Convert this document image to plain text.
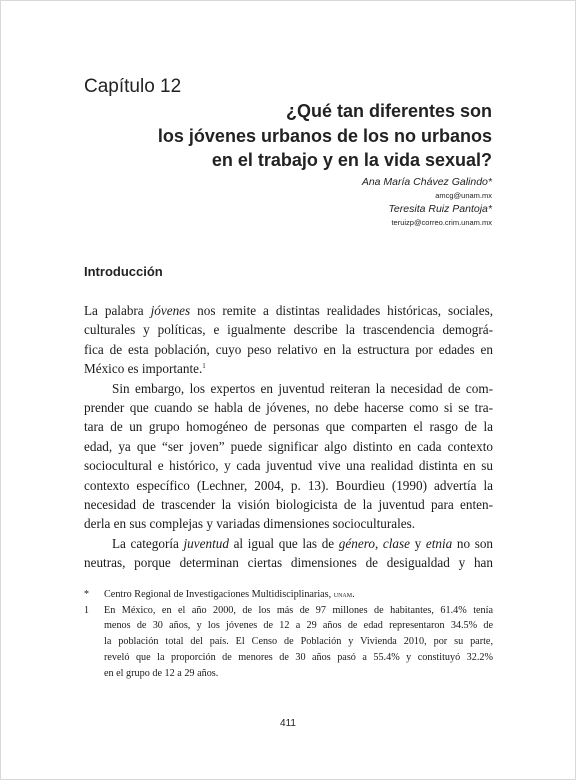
Capítulo 12
¿Qué tan diferentes son
los jóvenes urbanos de los no urbanos
en el trabajo y en la vida sexual?
Ana María Chávez Galindo*
amcg@unam.mx
Teresita Ruiz Pantoja*
teruizp@correo.crim.unam.mx
Introducción
La palabra jóvenes nos remite a distintas realidades históricas, sociales,
culturales y políticas, e igualmente describe la trascendencia demográ-
fica de esta población, cuyo peso relativo en la estructura por edades en
México es importante.$^1$
Sin embargo, los expertos en juventud reiteran la necesidad de com-
prender que cuando se habla de jóvenes, no debe hacerse como si se tra-
tara de un grupo homogéneo de personas que comparten el rasgo de la
edad, ya que “ser joven” puede significar algo distinto en cada contexto
sociocultural e histórico, y cada juventud vive una realidad distinta en su
contexto específico (Lechner, 2004, p. 13). Bourdieu (1990) advertía la
necesidad de trascender la visión biologicista de la juventud para enten-
derla en sus complejas y variadas dimensiones socioculturales.
La categoría juventud al igual que las de género, clase y etnia no son
neutras, porque determinan ciertas dimensiones de desigualdad y han
* Centro Regional de Investigaciones Multidisciplinarias, unam.
1 En México, en el año 2000, de los más de 97 millones de habitantes, 61.4% tenía
menos de 30 años, y los jóvenes de 12 a 29 años de edad representaron 34.5% de
la población total del país. El Censo de Población y Vivienda 2010, por su parte,
reveló que la proporción de menores de 30 años pasó a 55.4% y constituyó 32.2%
en el grupo de 12 a 29 años.
411
